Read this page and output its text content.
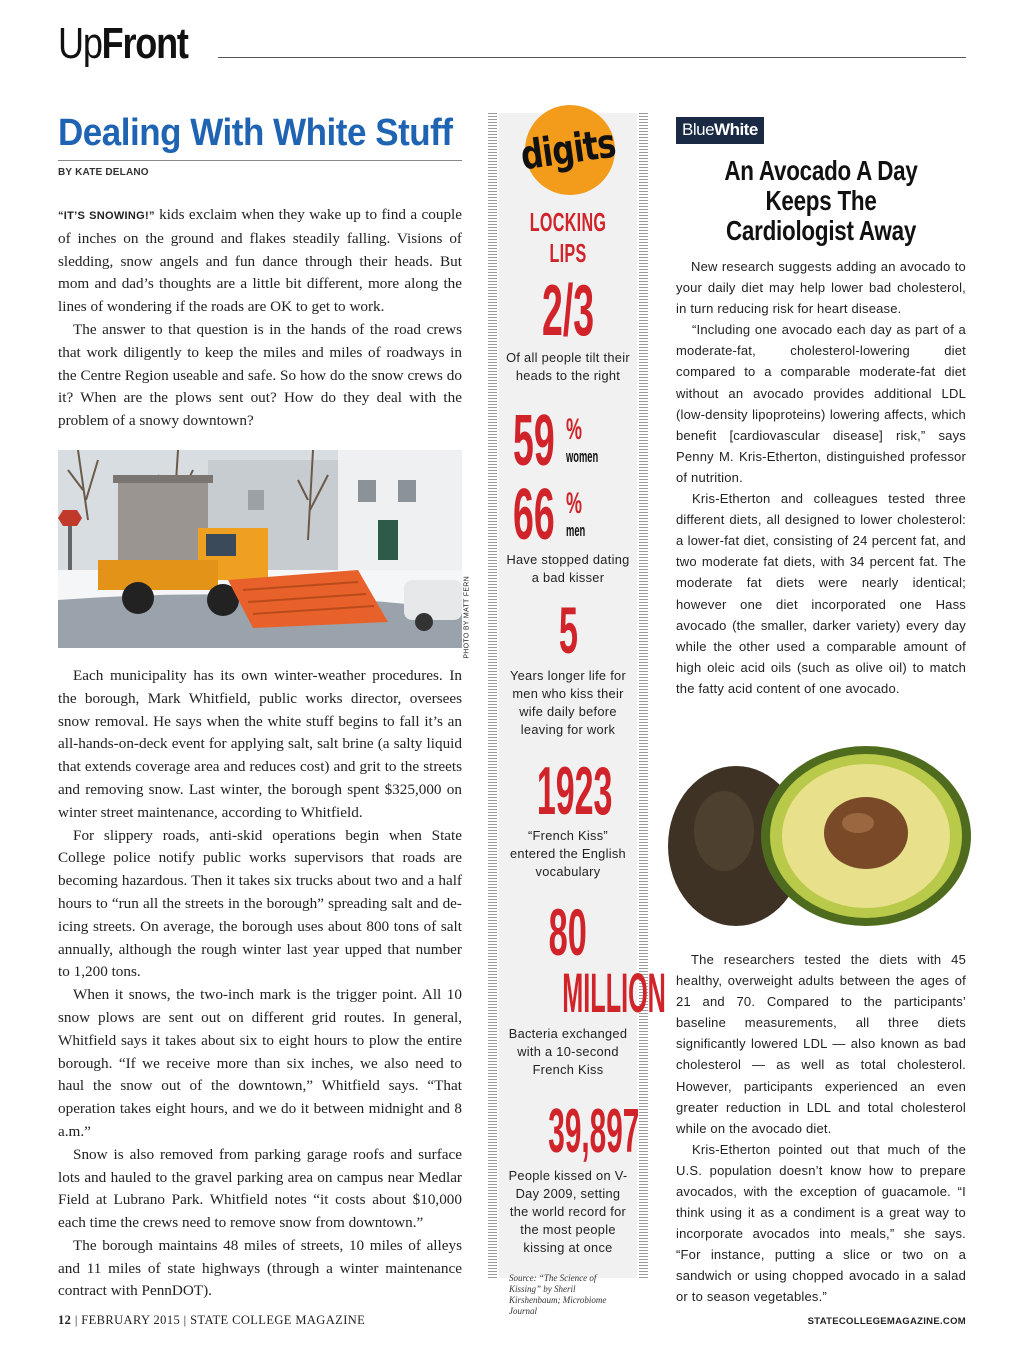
UpFront
Dealing With White Stuff
BY KATE DELANO

“IT’S SNOWING!” kids exclaim when they wake up to find a couple of inches on the ground and flakes steadily falling. Visions of sledding, snow angels and fun dance through their heads. But mom and dad’s thoughts are a little bit different, more along the lines of wondering if the roads are OK to get to work.

The answer to that question is in the hands of the road crews that work diligently to keep the miles and miles of roadways in the Centre Region useable and safe. So how do the snow crews do it? When are the plows sent out? How do they deal with the problem of a snowy downtown?

PHOTO BY MATT FERN

Each municipality has its own winter-weather procedures. In the borough, Mark Whitfield, public works director, oversees snow removal. He says when the white stuff begins to fall it’s an all-hands-on-deck event for applying salt, salt brine (a salty liquid that extends coverage area and reduces cost) and grit to the streets and removing snow. Last winter, the borough spent $325,000 on winter street maintenance, according to Whitfield.

For slippery roads, anti-skid operations begin when State College police notify public works supervisors that roads are becoming hazardous. Then it takes six trucks about two and a half hours to “run all the streets in the borough” spreading salt and de-icing streets. On average, the borough uses about 800 tons of salt annually, although the rough winter last year upped that number to 1,200 tons.

When it snows, the two-inch mark is the trigger point. All 10 snow plows are sent out on different grid routes. In general, Whitfield says it takes about six to eight hours to plow the entire borough. “If we receive more than six inches, we also need to haul the snow out of the downtown,” Whitfield says. “That operation takes eight hours, and we do it between midnight and 8 a.m.”

Snow is also removed from parking garage roofs and surface lots and hauled to the gravel parking area on campus near Medlar Field at Lubrano Park. Whitfield notes “it costs about $10,000 each time the crews need to remove snow from downtown.”

The borough maintains 48 miles of streets, 10 miles of alleys and 11 miles of state highways (through a winter maintenance contract with PennDOT).

digits
LOCKING LIPS
2/3
Of all people tilt their heads to the right
59 %
women
66 %
men
Have stopped dating a bad kisser
5
Years longer life for men who kiss their wife daily before leaving for work
1923
“French Kiss” entered the English vocabulary
80
MILLION
Bacteria exchanged with a 10-second French Kiss
39,897
People kissed on V-Day 2009, setting the world record for the most people kissing at once
Source: “The Science of Kissing” by Sheril Kirshenbaum; Microbiome Journal
BlueWhite
An Avocado A Day Keeps The Cardiologist Away

New research suggests adding an avocado to your daily diet may help lower bad cholesterol, in turn reducing risk for heart disease.

“Including one avocado each day as part of a moderate-fat, cholesterol-lowering diet compared to a comparable moderate-fat diet without an avocado provides additional LDL (low-density lipoproteins) lowering affects, which benefit [cardiovascular disease] risk,” says Penny M. Kris-Etherton, distinguished professor of nutrition.

Kris-Etherton and colleagues tested three different diets, all designed to lower cholesterol: a lower-fat diet, consisting of 24 percent fat, and two moderate fat diets, with 34 percent fat. The moderate fat diets were nearly identical; however one diet incorporated one Hass avocado (the smaller, darker variety) every day while the other used a comparable amount of high oleic acid oils (such as olive oil) to match the fatty acid content of one avocado.

The researchers tested the diets with 45 healthy, overweight adults between the ages of 21 and 70. Compared to the participants’ baseline measurements, all three diets significantly lowered LDL — also known as bad cholesterol — as well as total cholesterol. However, participants experienced an even greater reduction in LDL and total cholesterol while on the avocado diet.

Kris-Etherton pointed out that much of the U.S. population doesn’t know how to prepare avocados, with the exception of guacamole. “I think using it as a condiment is a great way to incorporate avocados into meals,” she says. “For instance, putting a slice or two on a sandwich or using chopped avocado in a salad or to season vegetables.”

12 | FEBRUARY 2015 | STATE COLLEGE MAGAZINE	STATECOLLEGEMAGAZINE.COM
